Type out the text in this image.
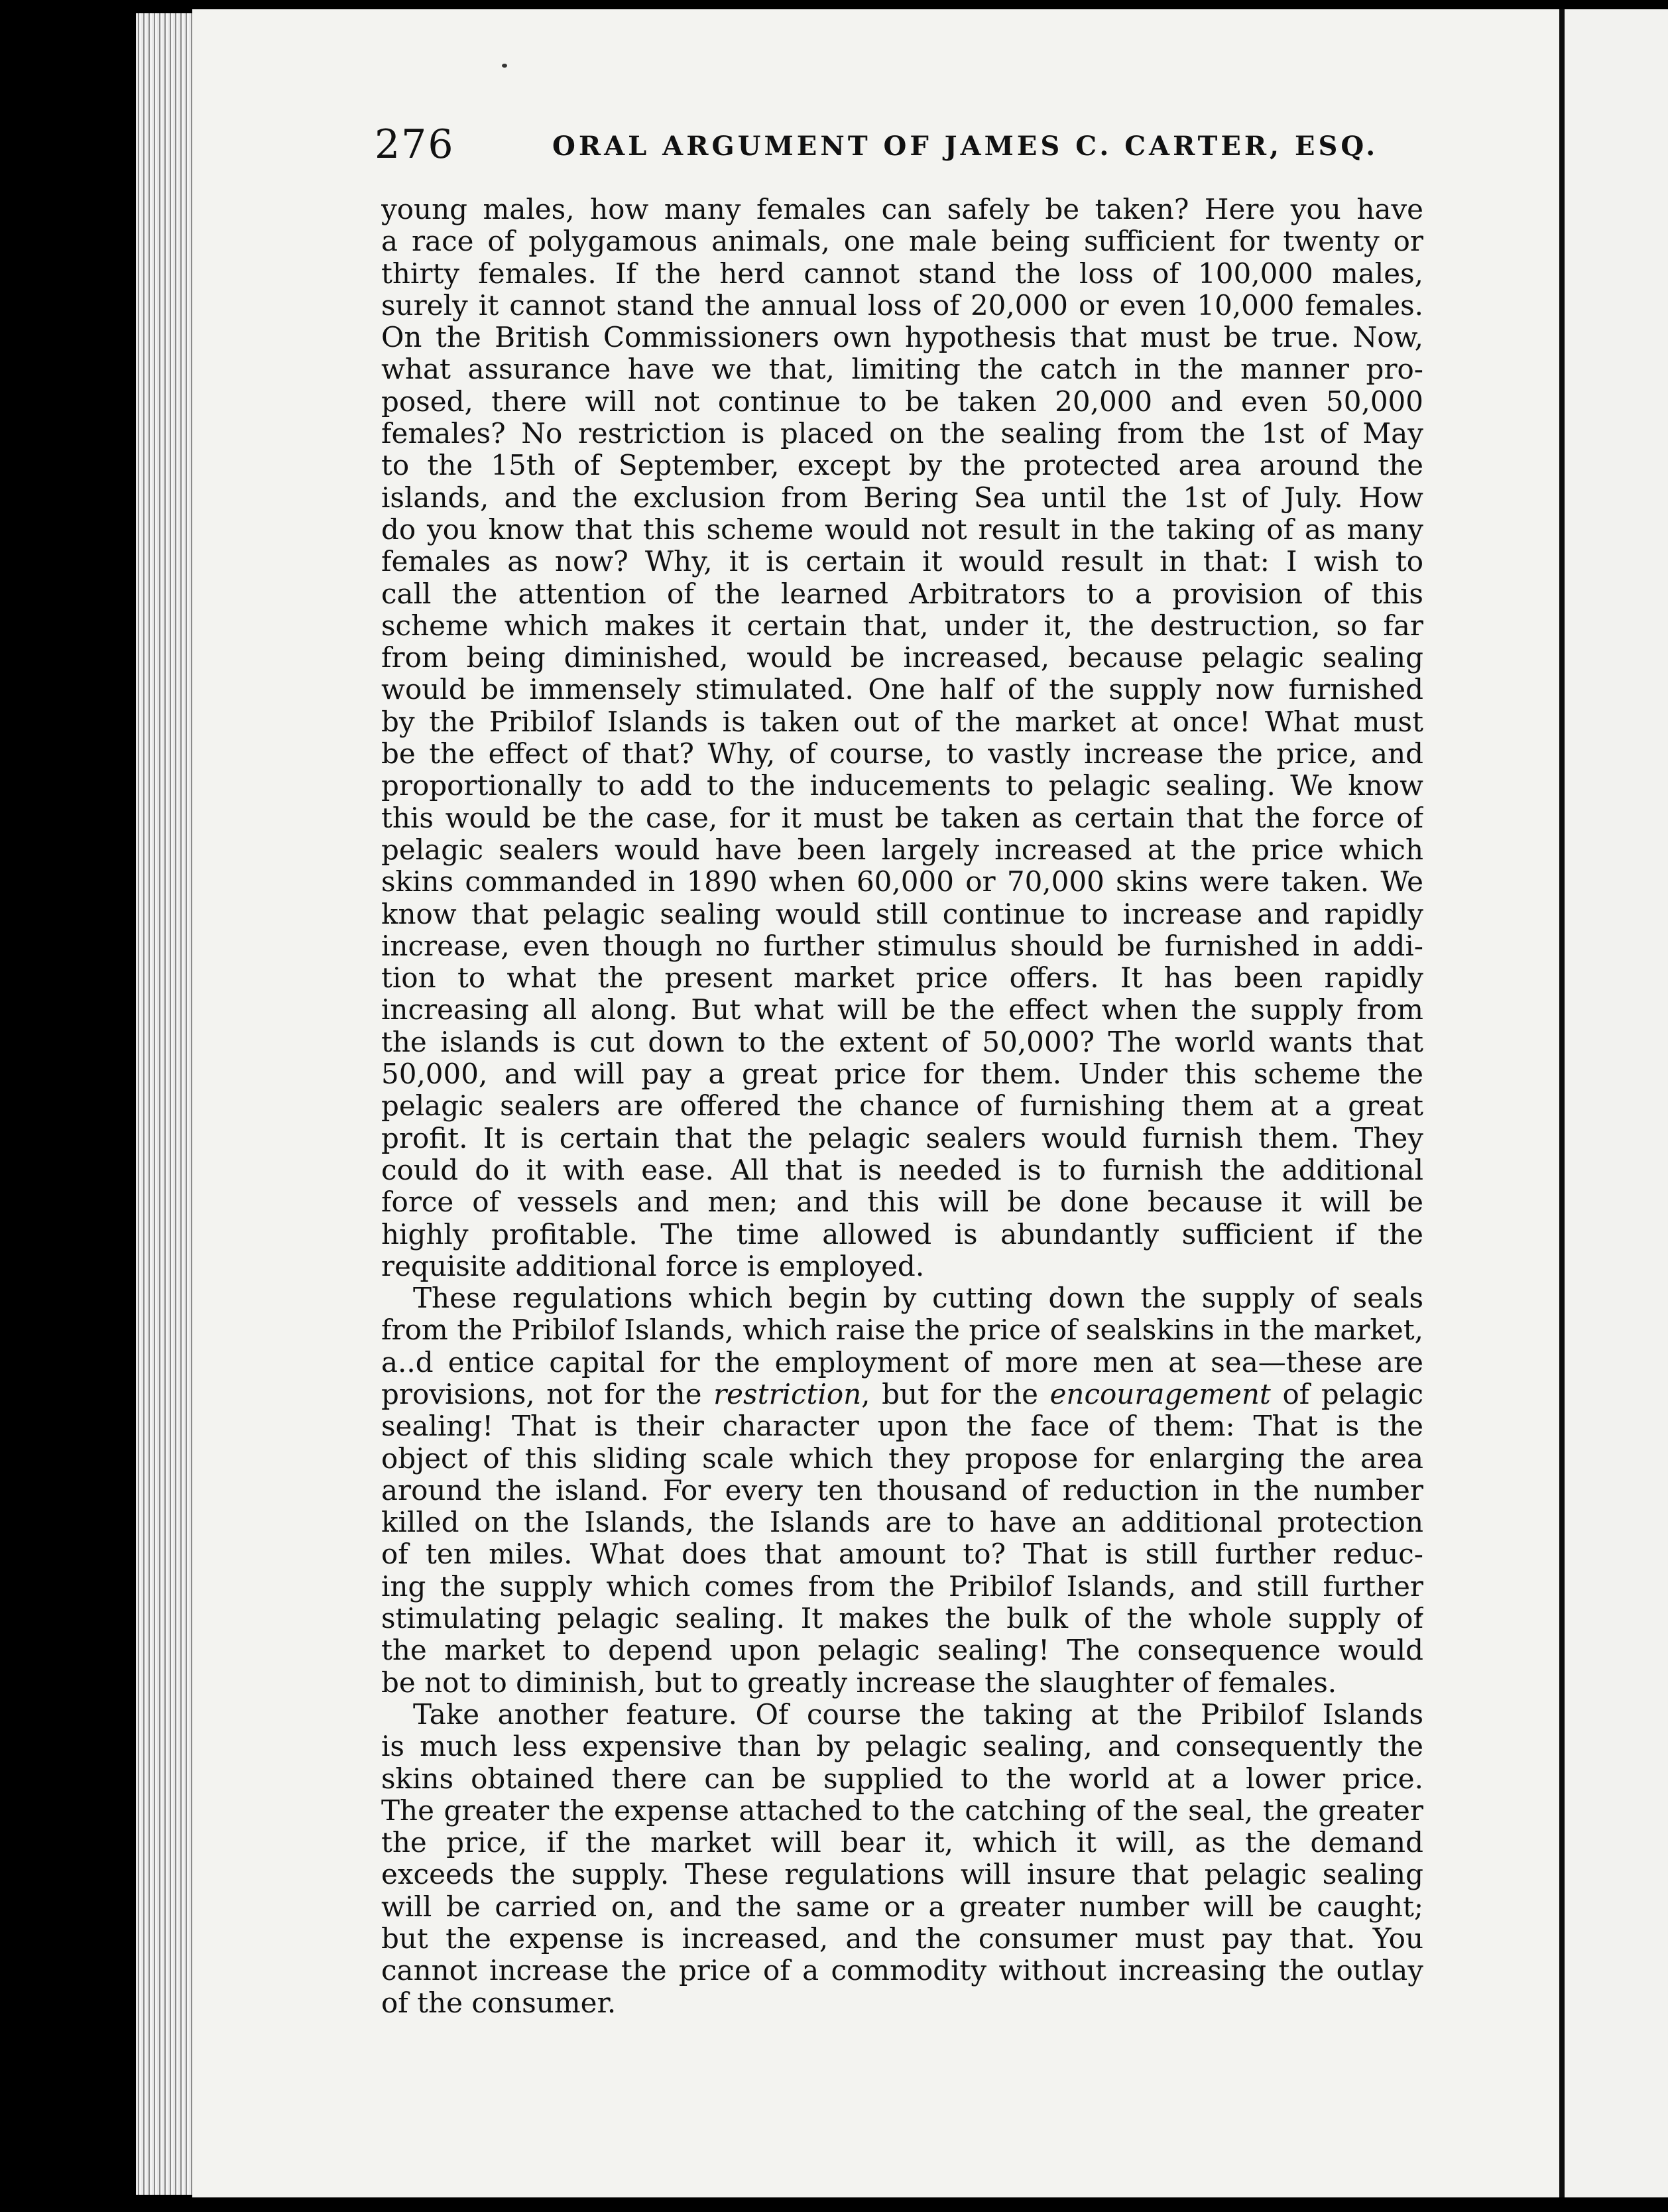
276	ORAL ARGUMENT OF JAMES C. CARTER, ESQ.
young males, how many females can safely be taken? Here you have
a race of polygamous animals, one male being sufficient for twenty or
thirty females. If the herd cannot stand the loss of 100,000 males,
surely it cannot stand the annual loss of 20,000 or even 10,000 females.
On the British Commissioners own hypothesis that must be true. Now,
what assurance have we that, limiting the catch in the manner pro-
posed, there will not continue to be taken 20,000 and even 50,000
females? No restriction is placed on the sealing from the 1st of May
to the 15th of September, except by the protected area around the
islands, and the exclusion from Bering Sea until the 1st of July. How
do you know that this scheme would not result in the taking of as many
females as now? Why, it is certain it would result in that: I wish to
call the attention of the learned Arbitrators to a provision of this
scheme which makes it certain that, under it, the destruction, so far
from being diminished, would be increased, because pelagic sealing
would be immensely stimulated. One half of the supply now furnished
by the Pribilof Islands is taken out of the market at once! What must
be the effect of that? Why, of course, to vastly increase the price, and
proportionally to add to the inducements to pelagic sealing. We know
this would be the case, for it must be taken as certain that the force of
pelagic sealers would have been largely increased at the price which
skins commanded in 1890 when 60,000 or 70,000 skins were taken. We
know that pelagic sealing would still continue to increase and rapidly
increase, even though no further stimulus should be furnished in addi-
tion to what the present market price offers. It has been rapidly
increasing all along. But what will be the effect when the supply from
the islands is cut down to the extent of 50,000? The world wants that
50,000, and will pay a great price for them. Under this scheme the
pelagic sealers are offered the chance of furnishing them at a great
profit. It is certain that the pelagic sealers would furnish them. They
could do it with ease. All that is needed is to furnish the additional
force of vessels and men; and this will be done because it will be
highly profitable. The time allowed is abundantly sufficient if the
requisite additional force is employed.
These regulations which begin by cutting down the supply of seals
from the Pribilof Islands, which raise the price of sealskins in the market,
a..d entice capital for the employment of more men at sea—these are
provisions, not for the restriction, but for the encouragement of pelagic
sealing! That is their character upon the face of them: That is the
object of this sliding scale which they propose for enlarging the area
around the island. For every ten thousand of reduction in the number
killed on the Islands, the Islands are to have an additional protection
of ten miles. What does that amount to? That is still further reduc-
ing the supply which comes from the Pribilof Islands, and still further
stimulating pelagic sealing. It makes the bulk of the whole supply of
the market to depend upon pelagic sealing! The consequence would
be not to diminish, but to greatly increase the slaughter of females.
Take another feature. Of course the taking at the Pribilof Islands
is much less expensive than by pelagic sealing, and consequently the
skins obtained there can be supplied to the world at a lower price.
The greater the expense attached to the catching of the seal, the greater
the price, if the market will bear it, which it will, as the demand
exceeds the supply. These regulations will insure that pelagic sealing
will be carried on, and the same or a greater number will be caught;
but the expense is increased, and the consumer must pay that. You
cannot increase the price of a commodity without increasing the outlay
of the consumer.
